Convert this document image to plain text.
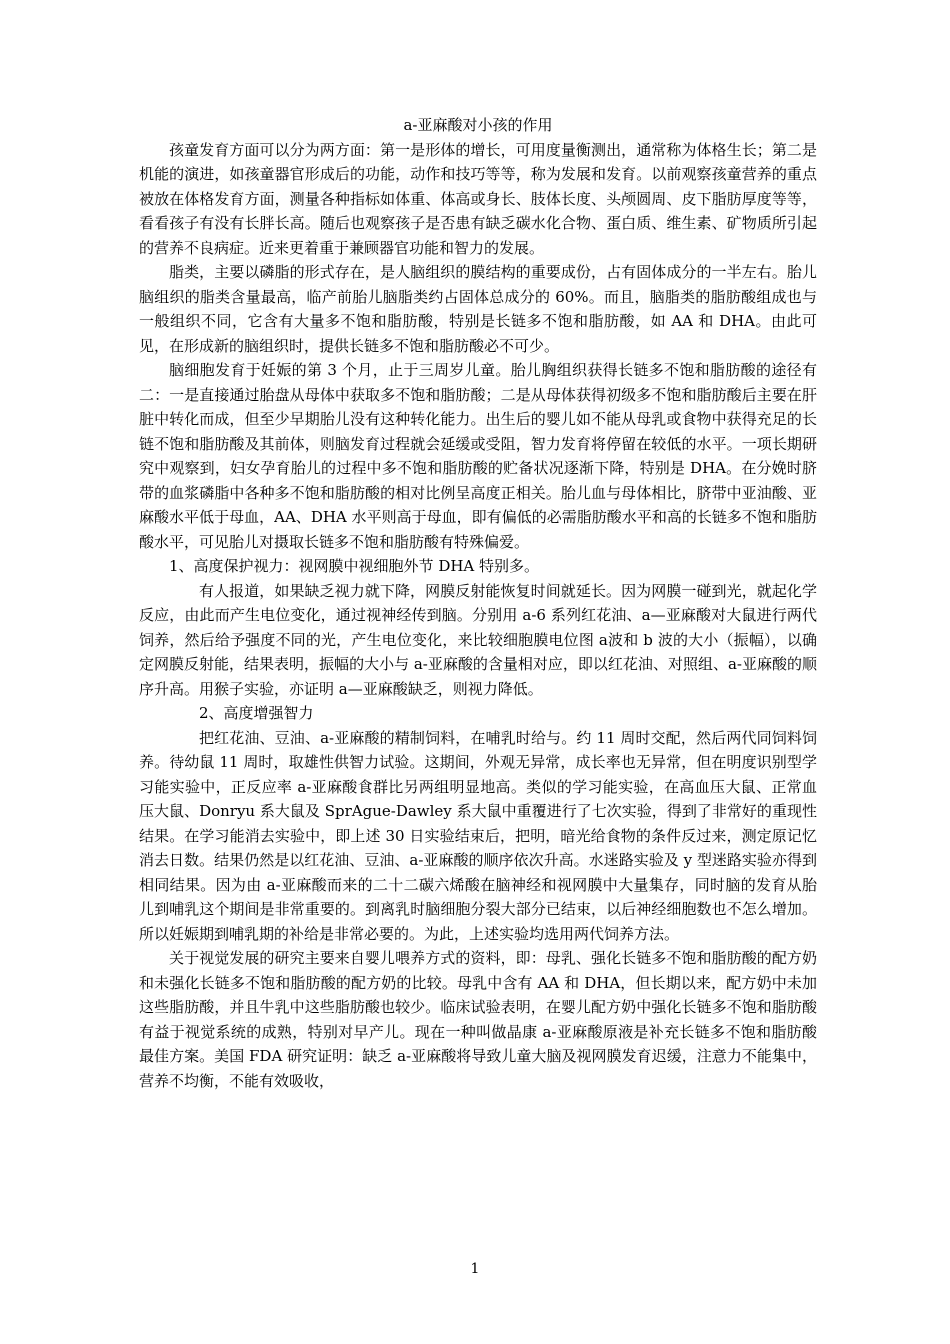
a-亚麻酸对小孩的作用

孩童发育方面可以分为两方面：第一是形体的增长，可用度量衡测出，通常称为体格生长；第二是机能的演进，如孩童器官形成后的功能，动作和技巧等等，称为发展和发育。以前观察孩童营养的重点被放在体格发育方面，测量各种指标如体重、体高或身长、肢体长度、头颅圆周、皮下脂肪厚度等等，看看孩子有没有长胖长高。随后也观察孩子是否患有缺乏碳水化合物、蛋白质、维生素、矿物质所引起的营养不良病症。近来更着重于兼顾器官功能和智力的发展。

脂类，主要以磷脂的形式存在，是人脑组织的膜结构的重要成份，占有固体成分的一半左右。胎儿脑组织的脂类含量最高，临产前胎儿脑脂类约占固体总成分的 60%。而且，脑脂类的脂肪酸组成也与一般组织不同，它含有大量多不饱和脂肪酸，特别是长链多不饱和脂肪酸，如 AA 和 DHA。由此可见，在形成新的脑组织时，提供长链多不饱和脂肪酸必不可少。

脑细胞发育于妊娠的第 3 个月，止于三周岁儿童。胎儿胸组织获得长链多不饱和脂肪酸的途径有二：一是直接通过胎盘从母体中获取多不饱和脂肪酸；二是从母体获得初级多不饱和脂肪酸后主要在肝脏中转化而成，但至少早期胎儿没有这种转化能力。出生后的婴儿如不能从母乳或食物中获得充足的长链不饱和脂肪酸及其前体，则脑发育过程就会延缓或受阻，智力发育将停留在较低的水平。一项长期研究中观察到，妇女孕育胎儿的过程中多不饱和脂肪酸的贮备状况逐渐下降，特别是 DHA。在分娩时脐带的血浆磷脂中各种多不饱和脂肪酸的相对比例呈高度正相关。胎儿血与母体相比，脐带中亚油酸、亚麻酸水平低于母血，AA、DHA 水平则高于母血，即有偏低的必需脂肪酸水平和高的长链多不饱和脂肪酸水平，可见胎儿对摄取长链多不饱和脂肪酸有特殊偏爱。

1、高度保护视力：视网膜中视细胞外节 DHA 特别多。

有人报道，如果缺乏视力就下降，网膜反射能恢复时间就延长。因为网膜一碰到光，就起化学反应，由此而产生电位变化，通过视神经传到脑。分别用 a-6 系列红花油、a—亚麻酸对大鼠进行两代饲养，然后给予强度不同的光，产生电位变化，来比较细胞膜电位图 a波和 b 波的大小（振幅），以确定网膜反射能，结果表明，振幅的大小与 a-亚麻酸的含量相对应，即以红花油、对照组、a-亚麻酸的顺序升高。用猴子实验，亦证明 a—亚麻酸缺乏，则视力降低。

2、高度增强智力

把红花油、豆油、a-亚麻酸的精制饲料，在哺乳时给与。约 11 周时交配，然后两代同饲料饲养。待幼鼠 11 周时，取雄性供智力试验。这期间，外观无异常，成长率也无异常，但在明度识别型学习能实验中，正反应率 a-亚麻酸食群比另两组明显地高。类似的学习能实验，在高血压大鼠、正常血压大鼠、Donryu 系大鼠及 SprAgue-Dawley 系大鼠中重覆进行了七次实验，得到了非常好的重现性结果。在学习能消去实验中，即上述 30 日实验结束后，把明，暗光给食物的条件反过来，测定原记忆消去日数。结果仍然是以红花油、豆油、a-亚麻酸的顺序依次升高。水迷路实验及 y 型迷路实验亦得到相同结果。因为由 a-亚麻酸而来的二十二碳六烯酸在脑神经和视网膜中大量集存，同时脑的发育从胎儿到哺乳这个期间是非常重要的。到离乳时脑细胞分裂大部分已结束，以后神经细胞数也不怎么增加。所以妊娠期到哺乳期的补给是非常必要的。为此，上述实验均选用两代饲养方法。

关于视觉发展的研究主要来自婴儿喂养方式的资料，即：母乳、强化长链多不饱和脂肪酸的配方奶和未强化长链多不饱和脂肪酸的配方奶的比较。母乳中含有 AA 和 DHA，但长期以来，配方奶中未加这些脂肪酸，并且牛乳中这些脂肪酸也较少。临床试验表明，在婴儿配方奶中强化长链多不饱和脂肪酸有益于视觉系统的成熟，特别对早产儿。现在一种叫做晶康 a-亚麻酸原液是补充长链多不饱和脂肪酸最佳方案。美国 FDA 研究证明：缺乏 a-亚麻酸将导致儿童大脑及视网膜发育迟缓，注意力不能集中，营养不均衡，不能有效吸收，

1
